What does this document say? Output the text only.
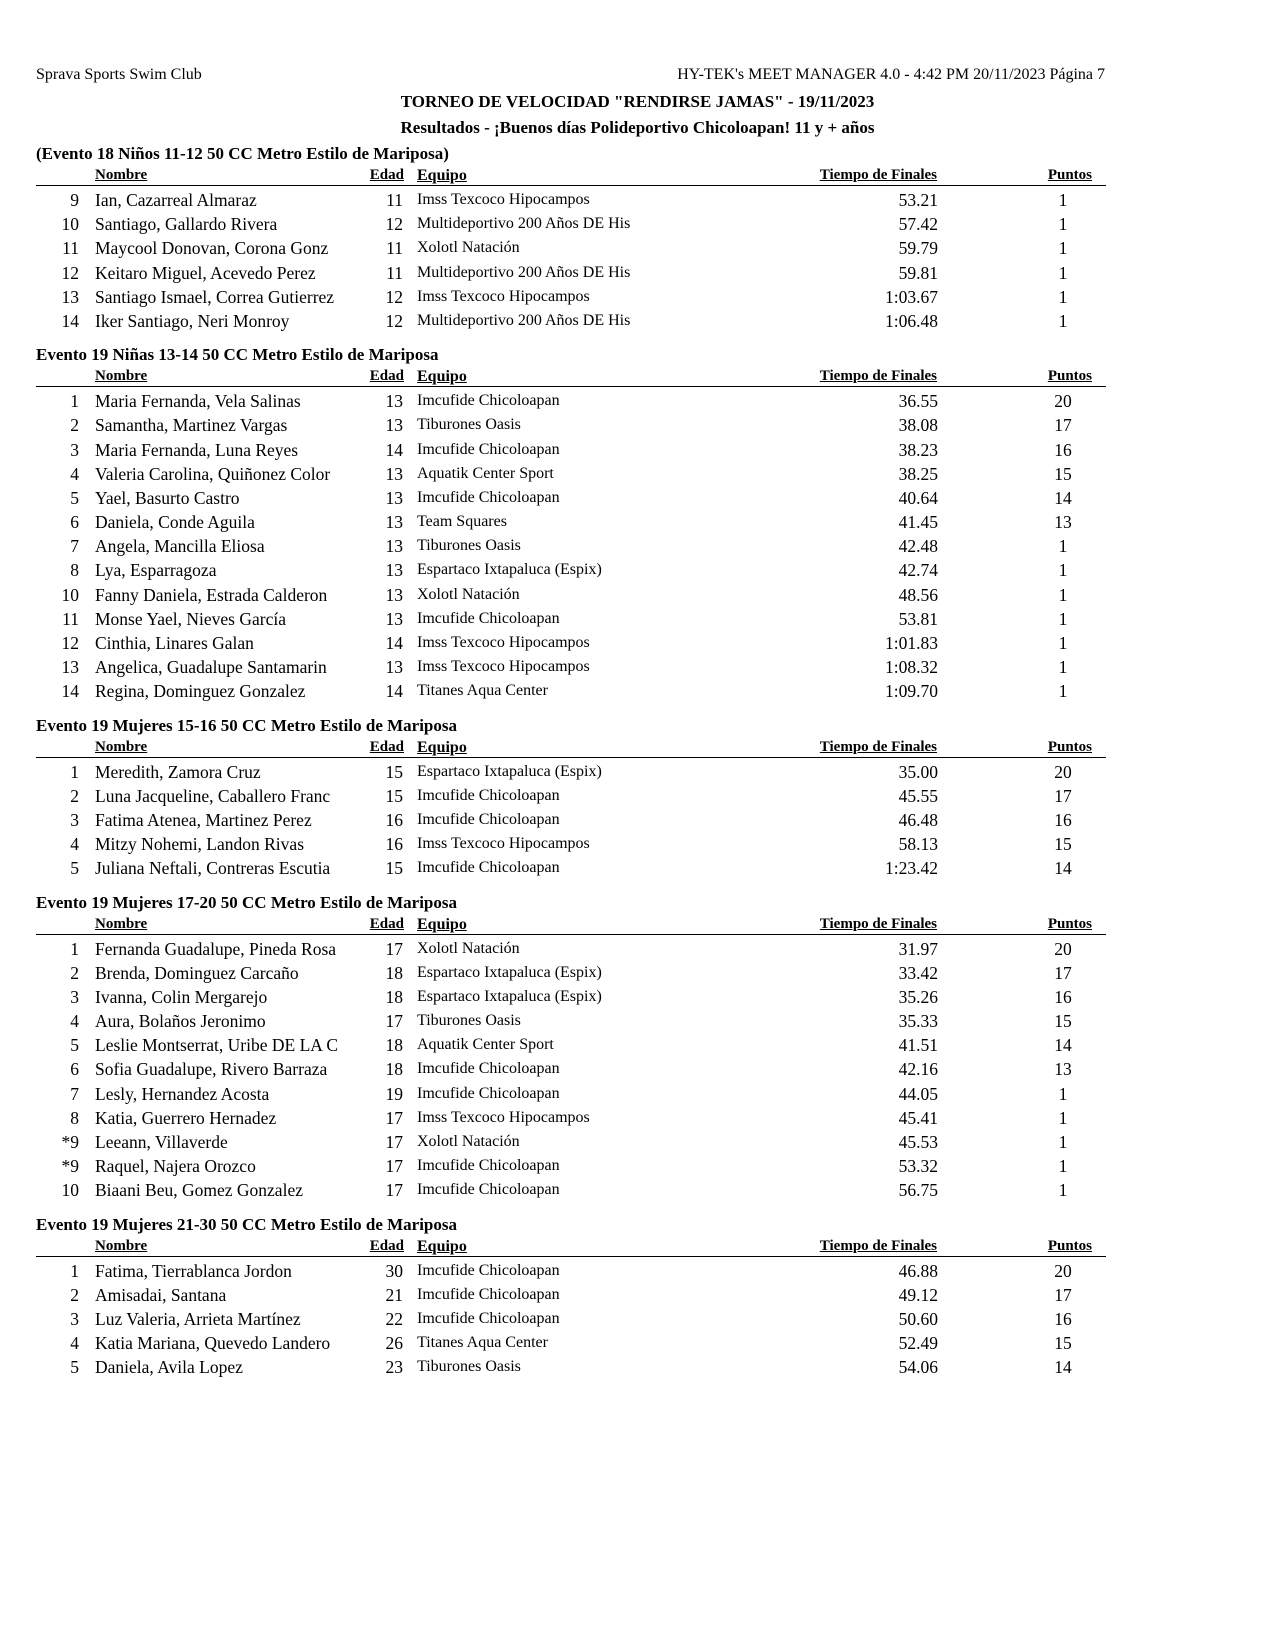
Sprava Sports Swim Club	HY-TEK's MEET MANAGER 4.0 - 4:42 PM 20/11/2023 Página 7
TORNEO DE VELOCIDAD "RENDIRSE JAMAS" - 19/11/2023
Resultados - ¡Buenos días Polideportivo Chicoloapan! 11 y + años
(Evento 18 Niños 11-12 50 CC Metro Estilo de Mariposa)
Nombre	Edad Equipo	Tiempo de Finales	Puntos
9 Ian, Cazarreal Almaraz	11 Imss Texcoco Hipocampos	53.21	1
10 Santiago, Gallardo Rivera	12 Multideportivo 200 Años DE His	57.42	1
11 Maycool Donovan, Corona Gonz	11 Xolotl Natación	59.79	1
12 Keitaro Miguel, Acevedo Perez	11 Multideportivo 200 Años DE His	59.81	1
13 Santiago Ismael, Correa Gutierrez	12 Imss Texcoco Hipocampos	1:03.67	1
14 Iker Santiago, Neri Monroy	12 Multideportivo 200 Años DE His	1:06.48	1
Evento 19 Niñas 13-14 50 CC Metro Estilo de Mariposa
Nombre	Edad Equipo	Tiempo de Finales	Puntos
1 Maria Fernanda, Vela Salinas	13 Imcufide Chicoloapan	36.55	20
2 Samantha, Martinez Vargas	13 Tiburones Oasis	38.08	17
3 Maria Fernanda, Luna Reyes	14 Imcufide Chicoloapan	38.23	16
4 Valeria Carolina, Quiñonez Color	13 Aquatik Center Sport	38.25	15
5 Yael, Basurto Castro	13 Imcufide Chicoloapan	40.64	14
6 Daniela, Conde Aguila	13 Team Squares	41.45	13
7 Angela, Mancilla Eliosa	13 Tiburones Oasis	42.48	1
8 Lya, Esparragoza	13 Espartaco Ixtapaluca (Espix)	42.74	1
10 Fanny Daniela, Estrada Calderon	13 Xolotl Natación	48.56	1
11 Monse Yael, Nieves García	13 Imcufide Chicoloapan	53.81	1
12 Cinthia, Linares Galan	14 Imss Texcoco Hipocampos	1:01.83	1
13 Angelica, Guadalupe Santamarin	13 Imss Texcoco Hipocampos	1:08.32	1
14 Regina, Dominguez Gonzalez	14 Titanes Aqua Center	1:09.70	1
Evento 19 Mujeres 15-16 50 CC Metro Estilo de Mariposa
Nombre	Edad Equipo	Tiempo de Finales	Puntos
1 Meredith, Zamora Cruz	15 Espartaco Ixtapaluca (Espix)	35.00	20
2 Luna Jacqueline, Caballero Franc	15 Imcufide Chicoloapan	45.55	17
3 Fatima Atenea, Martinez Perez	16 Imcufide Chicoloapan	46.48	16
4 Mitzy Nohemi, Landon Rivas	16 Imss Texcoco Hipocampos	58.13	15
5 Juliana Neftali, Contreras Escutia	15 Imcufide Chicoloapan	1:23.42	14
Evento 19 Mujeres 17-20 50 CC Metro Estilo de Mariposa
Nombre	Edad Equipo	Tiempo de Finales	Puntos
1 Fernanda Guadalupe, Pineda Rosa	17 Xolotl Natación	31.97	20
2 Brenda, Dominguez Carcaño	18 Espartaco Ixtapaluca (Espix)	33.42	17
3 Ivanna, Colin Mergarejo	18 Espartaco Ixtapaluca (Espix)	35.26	16
4 Aura, Bolaños Jeronimo	17 Tiburones Oasis	35.33	15
5 Leslie Montserrat, Uribe DE LA C	18 Aquatik Center Sport	41.51	14
6 Sofia Guadalupe, Rivero Barraza	18 Imcufide Chicoloapan	42.16	13
7 Lesly, Hernandez Acosta	19 Imcufide Chicoloapan	44.05	1
8 Katia, Guerrero Hernadez	17 Imss Texcoco Hipocampos	45.41	1
*9 Leeann, Villaverde	17 Xolotl Natación	45.53	1
*9 Raquel, Najera Orozco	17 Imcufide Chicoloapan	53.32	1
10 Biaani Beu, Gomez Gonzalez	17 Imcufide Chicoloapan	56.75	1
Evento 19 Mujeres 21-30 50 CC Metro Estilo de Mariposa
Nombre	Edad Equipo	Tiempo de Finales	Puntos
1 Fatima, Tierrablanca Jordon	30 Imcufide Chicoloapan	46.88	20
2 Amisadai, Santana	21 Imcufide Chicoloapan	49.12	17
3 Luz Valeria, Arrieta Martínez	22 Imcufide Chicoloapan	50.60	16
4 Katia Mariana, Quevedo Landero	26 Titanes Aqua Center	52.49	15
5 Daniela, Avila Lopez	23 Tiburones Oasis	54.06	14
